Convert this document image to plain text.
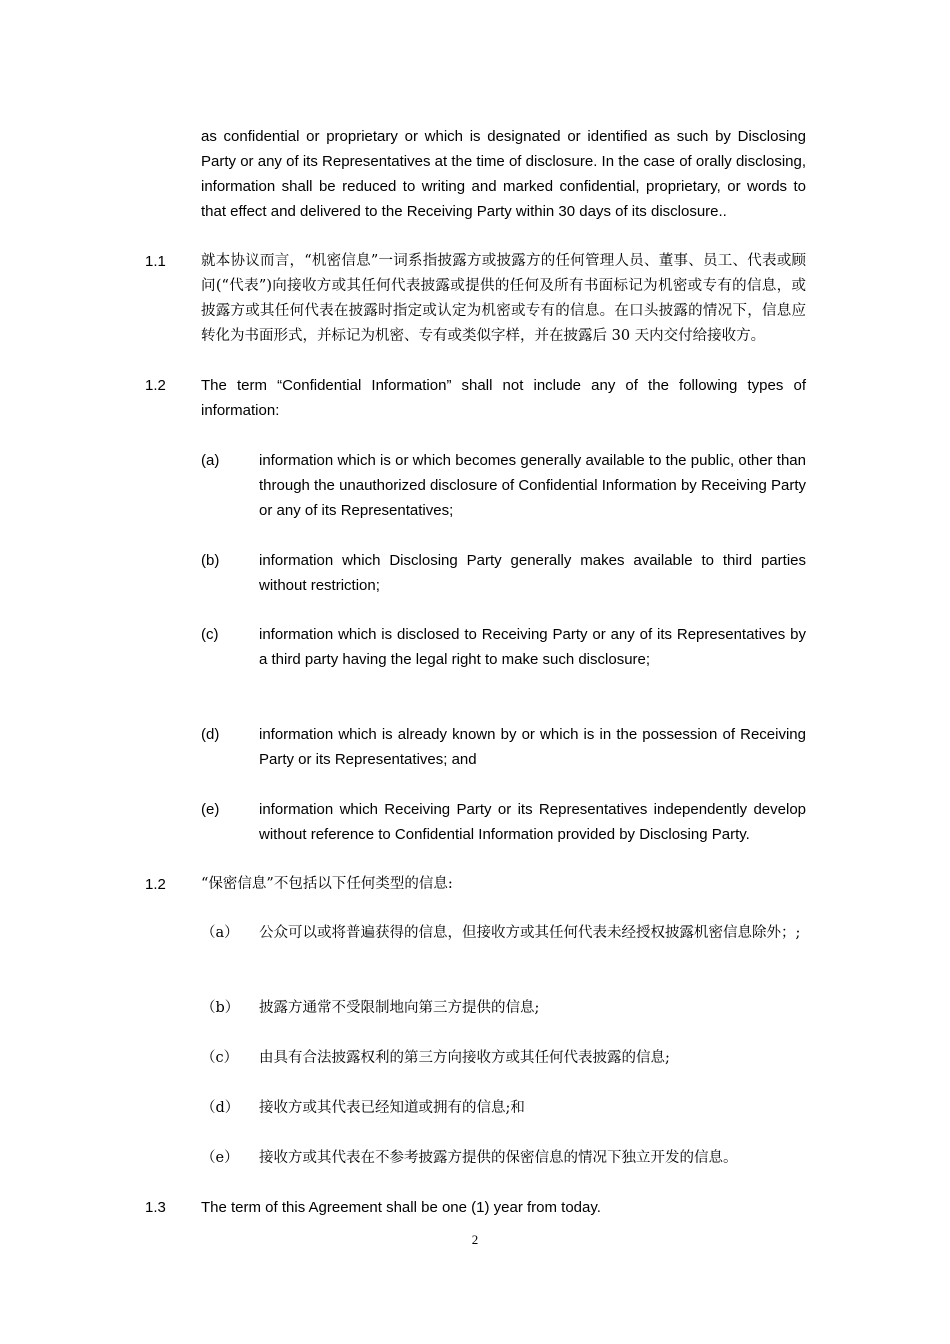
as confidential or proprietary or which is designated or identified as such by Disclosing Party or any of its Representatives at the time of disclosure. In the case of orally disclosing, information shall be reduced to writing and marked confidential, proprietary, or words to that effect and delivered to the Receiving Party within 30 days of its disclosure..
1.1 就本协议而言，“机密信息”一词系指披露方或披露方的任何管理人员、董事、员工、代表或顾问(“代表”)向接收方或其任何代表披露或提供的任何及所有书面标记为机密或专有的信息，或披露方或其任何代表在披露时指定或认定为机密或专有的信息。在口头披露的情况下，信息应转化为书面形式，并标记为机密、专有或类似字样，并在披露后 30 天内交付给接收方。
1.2 The term “Confidential Information” shall not include any of the following types of information:
(a)	information which is or which becomes generally available to the public, other than through the unauthorized disclosure of Confidential Information by Receiving Party or any of its Representatives;
(b)	information which Disclosing Party generally makes available to third parties without restriction;
(c)	information which is disclosed to Receiving Party or any of its Representatives by a third party having the legal right to make such disclosure;
(d)	information which is already known by or which is in the possession of Receiving Party or its Representatives; and
(e)	information which Receiving Party or its Representatives independently develop without reference to Confidential Information provided by Disclosing Party.
1.2 “保密信息”不包括以下任何类型的信息:
（a） 公众可以或将普遍获得的信息，但接收方或其任何代表未经授权披露机密信息除外；;
（b） 披露方通常不受限制地向第三方提供的信息;
（c） 由具有合法披露权利的第三方向接收方或其任何代表披露的信息;
（d） 接收方或其代表已经知道或拥有的信息;和
（e） 接收方或其代表在不参考披露方提供的保密信息的情况下独立开发的信息。
1.3 The term of this Agreement shall be one (1) year from today.
2
